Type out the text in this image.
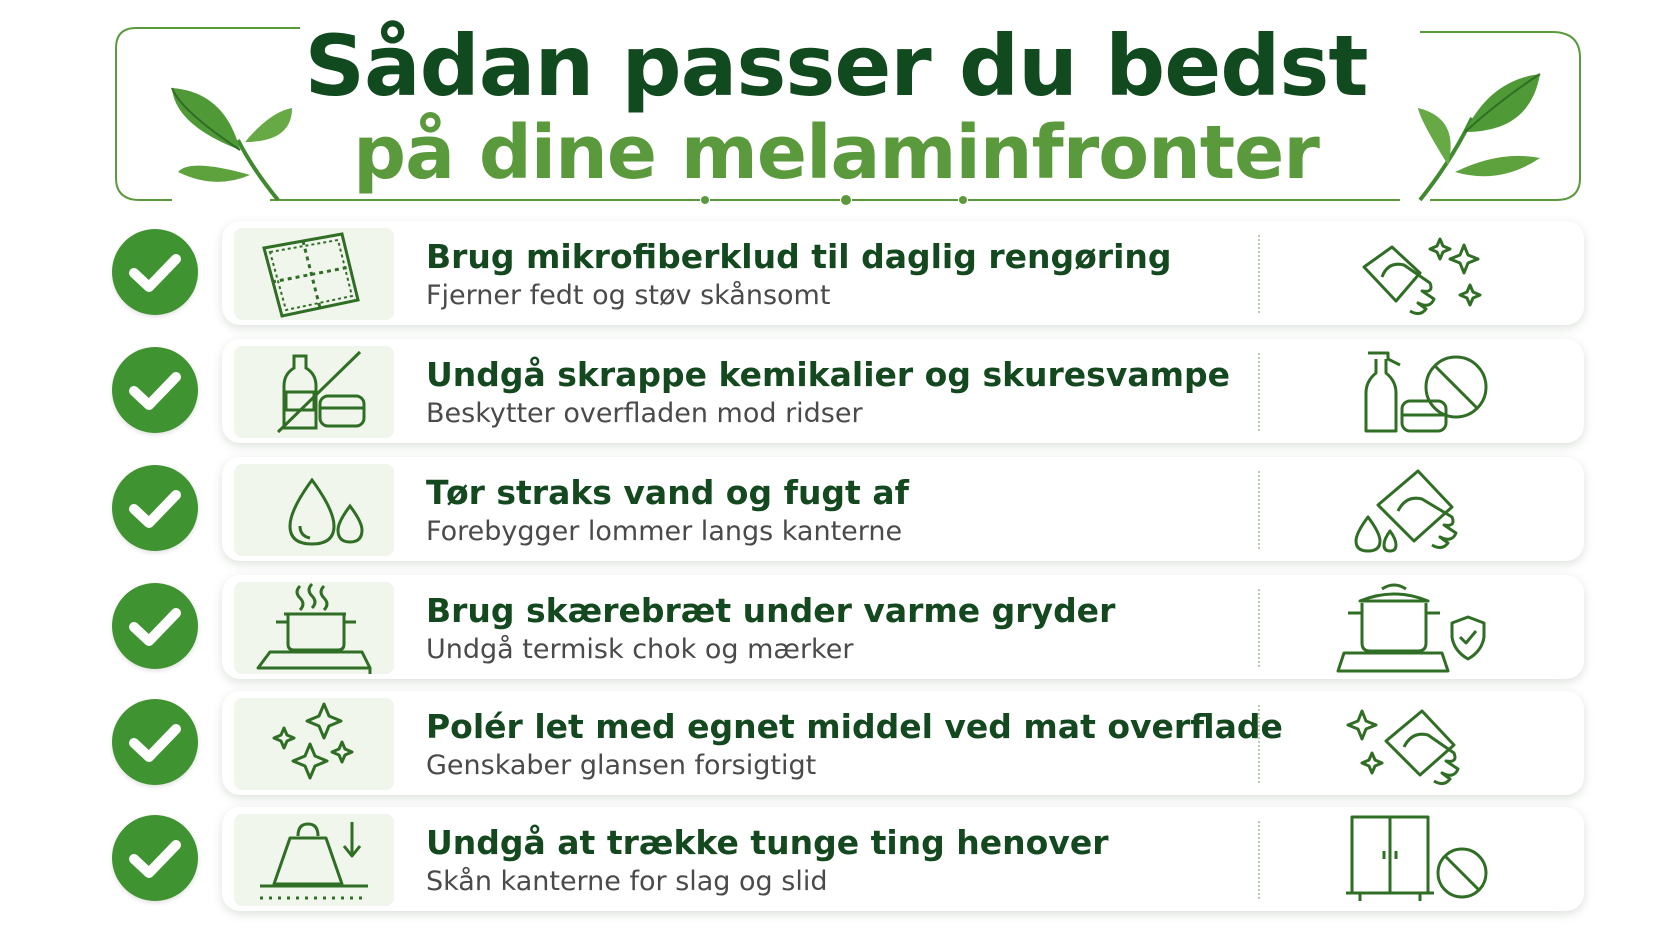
Sådan passer du bedst
på dine melaminfronter
Brug mikrofiberklud til daglig rengøring
Fjerner fedt og støv skånsomt
Undgå skrappe kemikalier og skuresvampe
Beskytter overfladen mod ridser
Tør straks vand og fugt af
Forebygger lommer langs kanterne
Brug skærebræt under varme gryder
Undgå termisk chok og mærker
Polér let med egnet middel ved mat overflade
Genskaber glansen forsigtigt
Undgå at trække tunge ting henover
Skån kanterne for slag og slid
